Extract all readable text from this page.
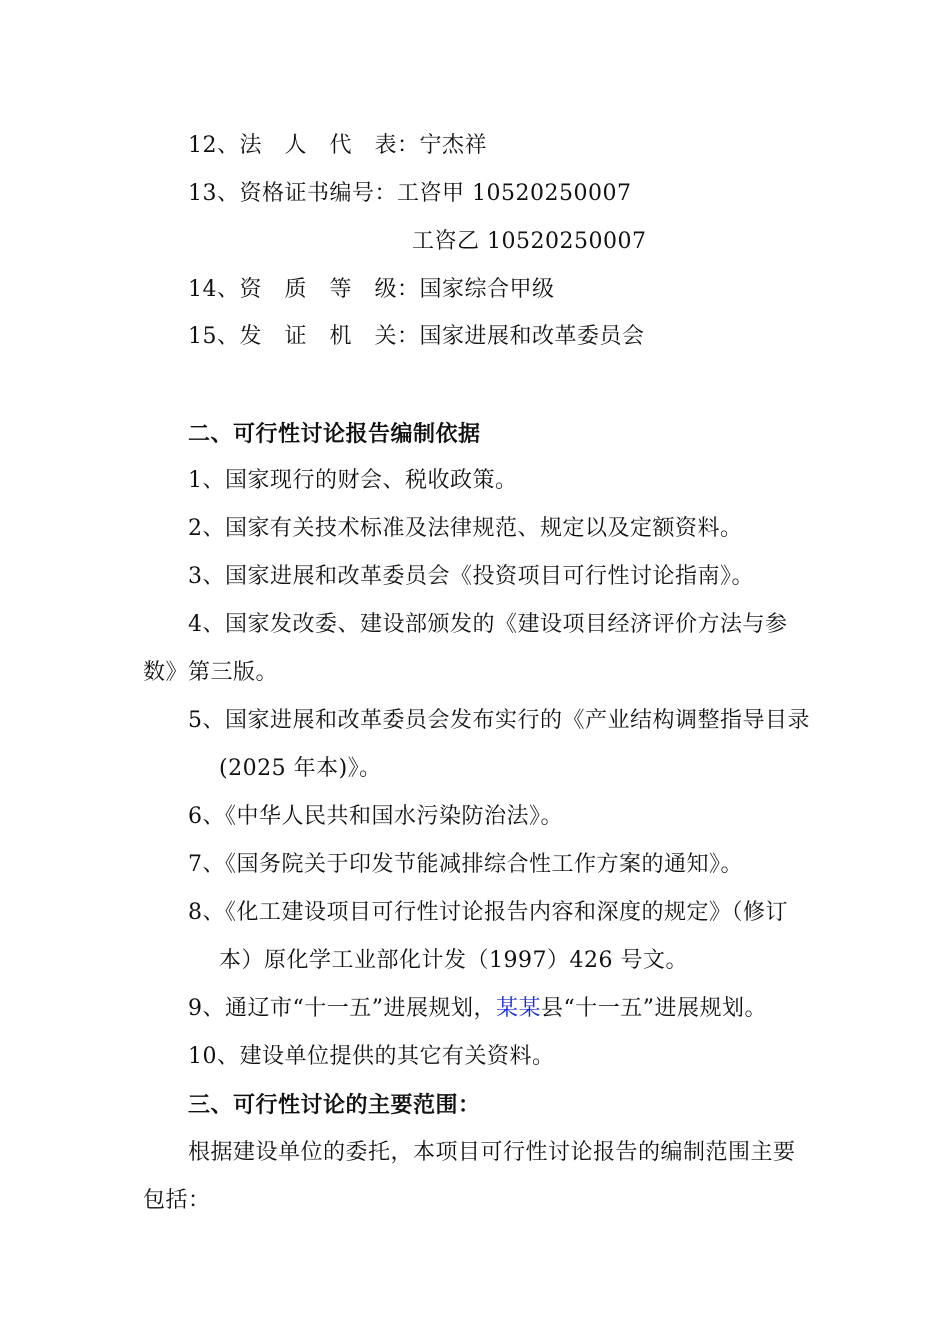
12、法　人　代　表：宁杰祥
13、资格证书编号：工咨甲 10520250007
工咨乙 10520250007
14、资　质　等　级：国家综合甲级
15、发　证　机　关：国家进展和改革委员会
二、可行性讨论报告编制依据
1、国家现行的财会、税收政策。
2、国家有关技术标准及法律规范、规定以及定额资料。
3、国家进展和改革委员会《投资项目可行性讨论指南》。
4、国家发改委、建设部颁发的《建设项目经济评价方法与参
数》第三版。
5、国家进展和改革委员会发布实行的《产业结构调整指导目录
(2025 年本)》。
6、《中华人民共和国水污染防治法》。
7、《国务院关于印发节能减排综合性工作方案的通知》。
8、《化工建设项目可行性讨论报告内容和深度的规定》（修订
本）原化学工业部化计发（1997）426 号文。
9、通辽市“十一五”进展规划，某某县“十一五”进展规划。
10、建设单位提供的其它有关资料。
三、可行性讨论的主要范围：
根据建设单位的委托，本项目可行性讨论报告的编制范围主要
包括：
